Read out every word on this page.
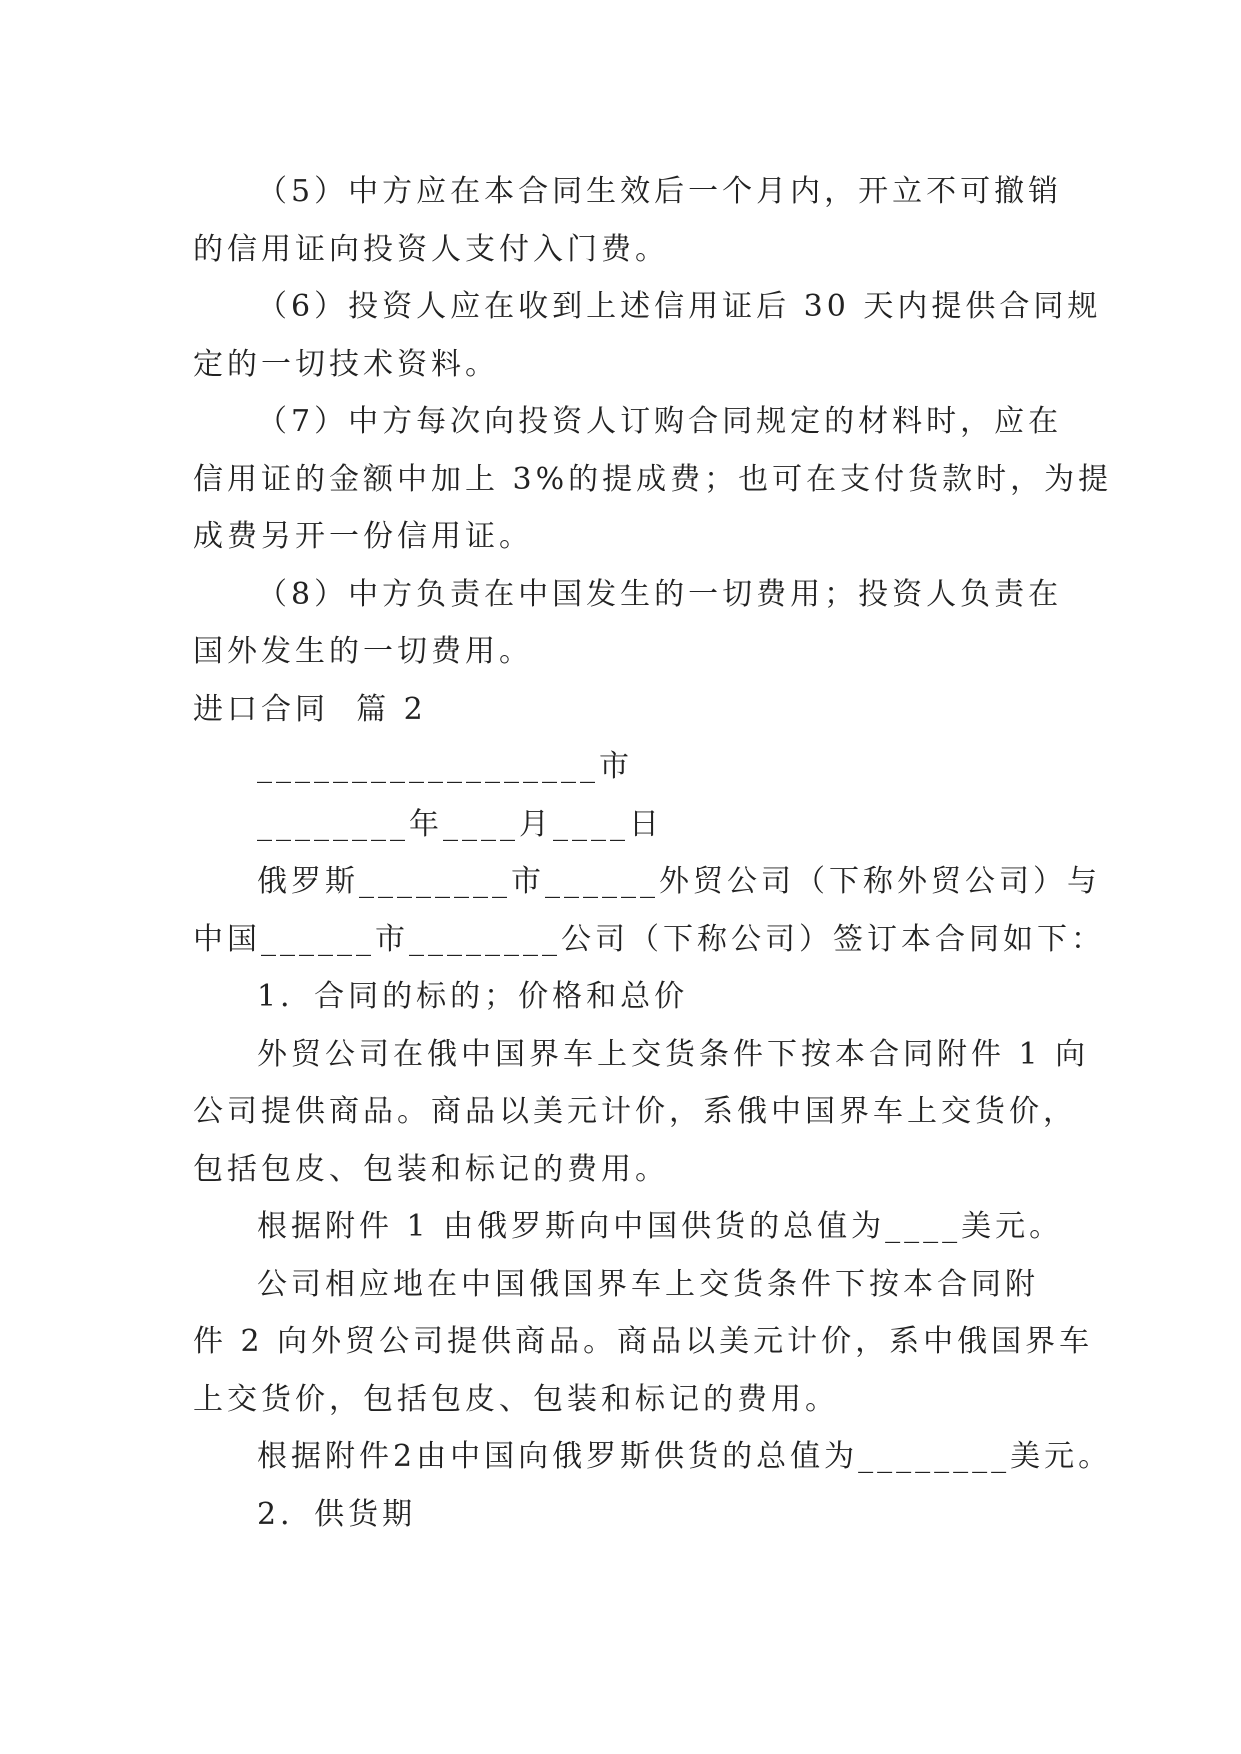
（5）中方应在本合同生效后一个月内，开立不可撤销
的信用证向投资人支付入门费。

（6）投资人应在收到上述信用证后 30 天内提供合同规
定的一切技术资料。

（7）中方每次向投资人订购合同规定的材料时，应在
信用证的金额中加上 3%的提成费；也可在支付货款时，为提
成费另开一份信用证。

（8）中方负责在中国发生的一切费用；投资人负责在
国外发生的一切费用。

进口合同  篇 2

__________________市

________年____月____日

俄罗斯________市______外贸公司（下称外贸公司）与
中国______市________公司（下称公司）签订本合同如下：

1．合同的标的；价格和总价

外贸公司在俄中国界车上交货条件下按本合同附件 1 向
公司提供商品。商品以美元计价，系俄中国界车上交货价，
包括包皮、包装和标记的费用。

根据附件 1 由俄罗斯向中国供货的总值为____美元。

公司相应地在中国俄国界车上交货条件下按本合同附
件 2 向外贸公司提供商品。商品以美元计价，系中俄国界车
上交货价，包括包皮、包装和标记的费用。

根据附件2由中国向俄罗斯供货的总值为________美元。

2．供货期
